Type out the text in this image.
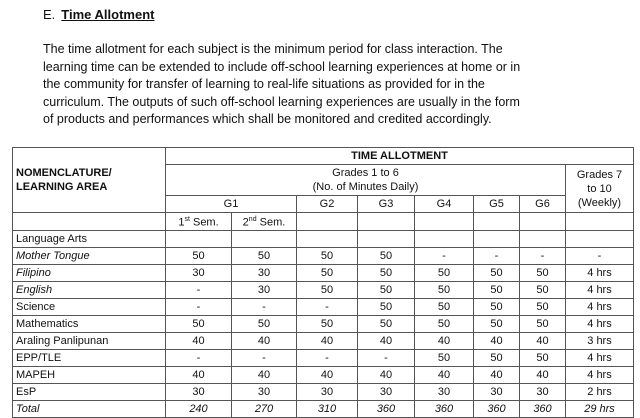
E. Time Allotment
The time allotment for each subject is the minimum period for class interaction. The
learning time can be extended to include off-school learning experiences at home or in
the community for transfer of learning to real-life situations as provided for in the
curriculum. The outputs of such off-school learning experiences are usually in the form
of products and performances which shall be monitored and credited accordingly.
NOMENCLATURE/ LEARNING AREA	TIME ALLOTMENT							

Grades 1 to 6
(No. of Minutes Daily)

Grades 7
to 10
(Weekly)

	G1		G2	G3	G4	G5	G6	
	1st Sem.	2nd Sem.						
Language Arts								
Mother Tongue	50	50	50	50	-	-	-	-
Filipino	30	30	50	50	50	50	50	4 hrs
English	-	30	50	50	50	50	50	4 hrs
Science	-	-	-	50	50	50	50	4 hrs
Mathematics	50	50	50	50	50	50	50	4 hrs
Araling Panlipunan	40	40	40	40	40	40	40	3 hrs
EPP/TLE	-	-	-	-	50	50	50	4 hrs
MAPEH	40	40	40	40	40	40	40	4 hrs
EsP	30	30	30	30	30	30	30	2 hrs
Total	240	270	310	360	360	360	360	29 hrs
